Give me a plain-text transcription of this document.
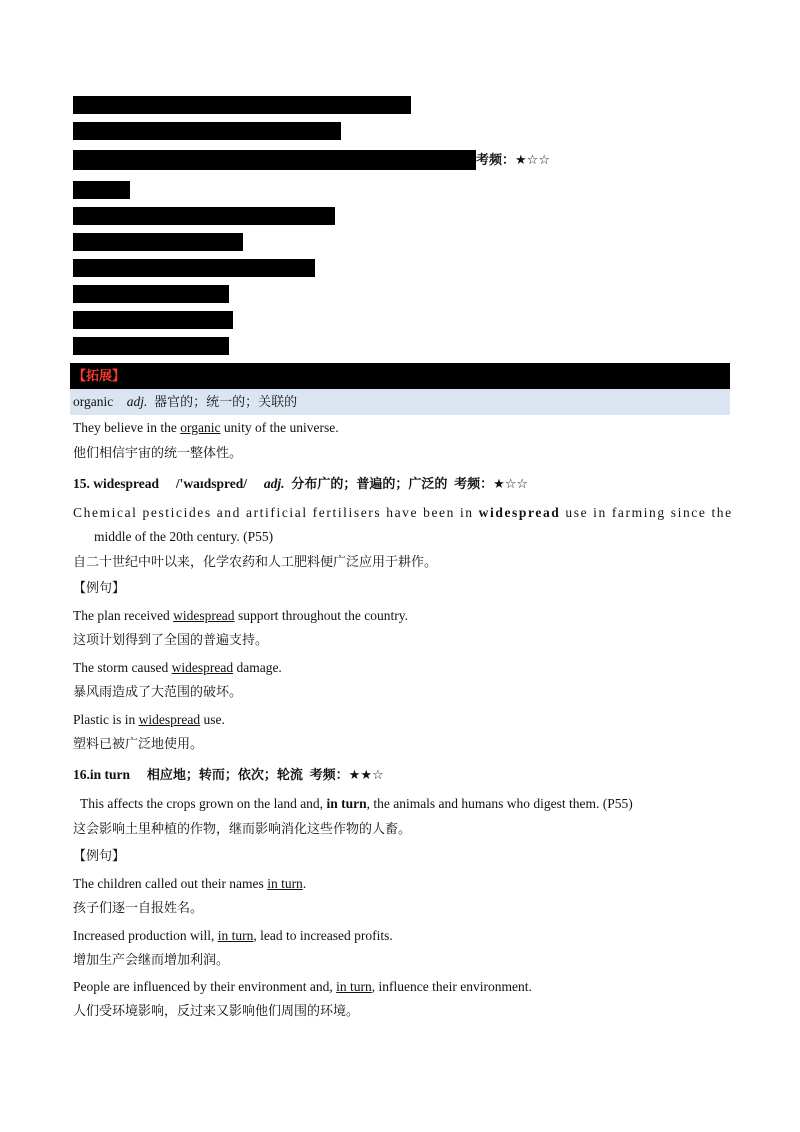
考频：★☆☆
【拓展】
organic adj. 器官的；统一的；关联的
They believe in the organic unity of the universe.
他们相信宇宙的统一整体性。
15. widespread /'waɪdspred/ adj. 分布广的；普遍的；广泛的 考频：★☆☆
Chemical pesticides and artificial fertilisers have been in widespread use in farming since the
middle of the 20th century. (P55)
自二十世纪中叶以来，化学农药和人工肥料便广泛应用于耕作。
【例句】
The plan received widespread support throughout the country.
这项计划得到了全国的普遍支持。
The storm caused widespread damage.
暴风雨造成了大范围的破坏。
Plastic is in widespread use.
塑料已被广泛地使用。
16.in turn 相应地；转而；依次；轮流 考频：★★☆
This affects the crops grown on the land and, in turn, the animals and humans who digest them. (P55)
这会影响土里种植的作物，继而影响消化这些作物的人畜。
【例句】
The children called out their names in turn.
孩子们逐一自报姓名。
Increased production will, in turn, lead to increased profits.
增加生产会继而增加利润。
People are influenced by their environment and, in turn, influence their environment.
人们受环境影响，反过来又影响他们周围的环境。
